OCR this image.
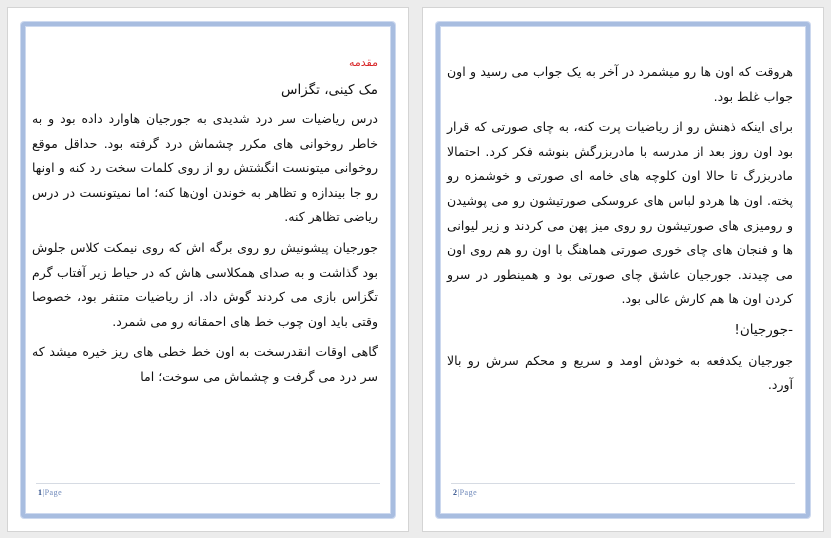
مقدمه
مک کینی، تگزاس

درس ریاضیات سر درد شدیدی به جورجیان هاوارد داده بود و به خاطر روخوانی های مکرر چشماش درد گرفته بود. حداقل موقع روخوانی میتونست انگشتش رو از روی کلمات سخت رد کنه و اونها رو جا بیندازه و تظاهر به خوندن اون‌ها کنه؛ اما نمیتونست در درس ریاضی تظاهر کنه.

جورجیان پیشونیش رو روی برگه اش که روی نیمکت کلاس جلوش بود گذاشت و به صدای همکلاسی هاش که در حیاط زیر آفتاب گرم تگزاس بازی می کردند گوش داد. از ریاضیات متنفر بود، خصوصا وقتی باید اون چوب خط های احمقانه رو می شمرد.

گاهی اوقات انقدرسخت به اون خط خطی های ریز خیره میشد که سر درد می گرفت و چشماش می سوخت؛ اما

1|Page

هروقت که اون ها رو میشمرد در آخر به یک جواب می رسید و اون جواب غلط بود.

برای اینکه ذهنش رو از ریاضیات پرت کنه، به چای صورتی که قرار بود اون روز بعد از مدرسه با مادربزرگش بنوشه فکر کرد. احتمالا مادربزرگ تا حالا اون کلوچه های خامه ای صورتی و خوشمزه رو پخته. اون ها هردو لباس های عروسکی صورتیشون رو می پوشیدن و رومیزی های صورتیشون رو روی میز پهن می کردند و زیر لیوانی ها و فنجان های چای خوری صورتی هماهنگ با اون رو هم روی اون می چیدند. جورجیان عاشق چای صورتی بود و همینطور در سرو کردن اون ها هم کارش عالی بود.

-جورجیان!

جورجیان یکدفعه به خودش اومد و سریع و محکم سرش رو بالا آورد.

2|Page
